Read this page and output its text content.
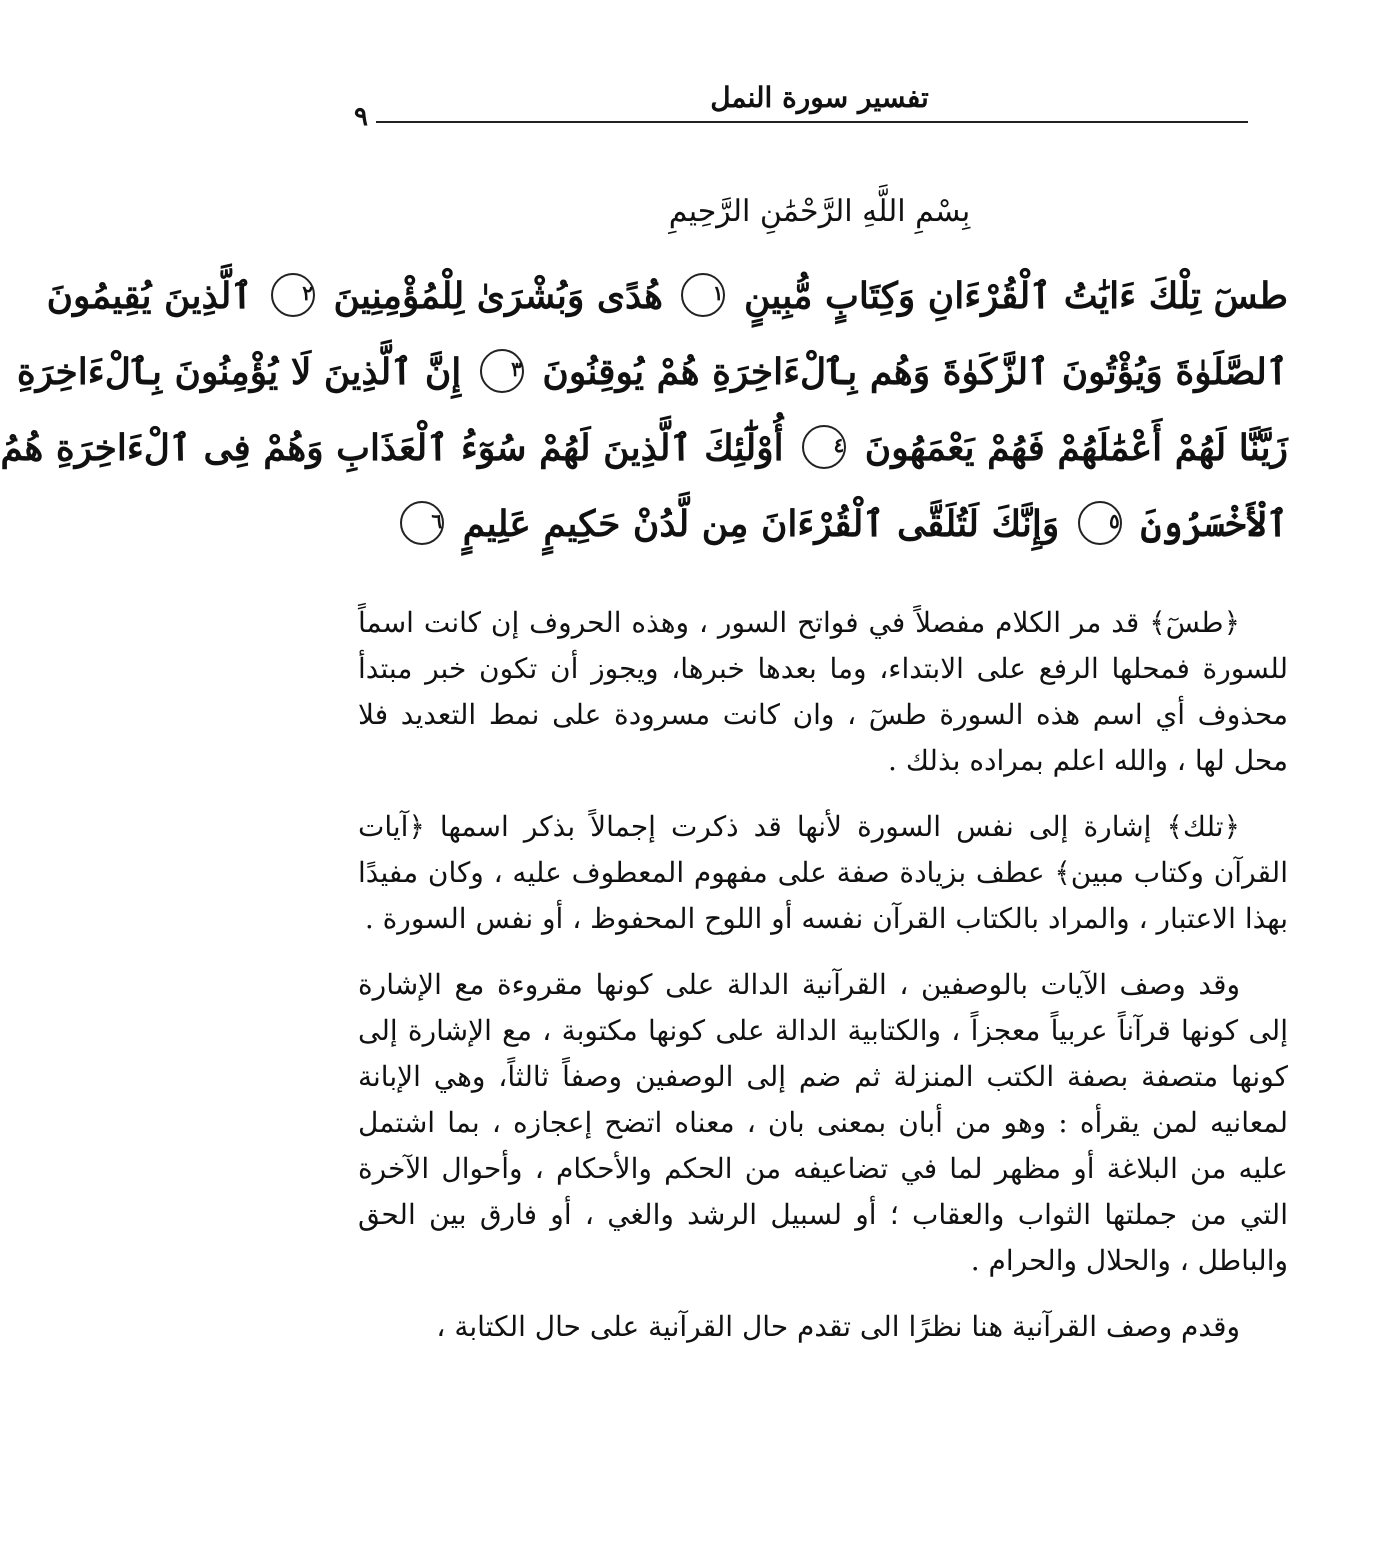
تفسير سورة النمل
٩
بِسْمِ اللَّهِ الرَّحْمَٰنِ الرَّحِيمِ
طسٓ تِلْكَ ءَايَٰتُ ٱلْقُرْءَانِ وَكِتَابٍ مُّبِينٍ ١ هُدًى وَبُشْرَىٰ لِلْمُؤْمِنِينَ ٢ ٱلَّذِينَ يُقِيمُونَ
ٱلصَّلَوٰةَ وَيُؤْتُونَ ٱلزَّكَوٰةَ وَهُم بِٱلْءَاخِرَةِ هُمْ يُوقِنُونَ ٣ إِنَّ ٱلَّذِينَ لَا يُؤْمِنُونَ بِٱلْءَاخِرَةِ
زَيَّنَّا لَهُمْ أَعْمَٰلَهُمْ فَهُمْ يَعْمَهُونَ ٤ أُوْلَٰٓئِكَ ٱلَّذِينَ لَهُمْ سُوٓءُ ٱلْعَذَابِ وَهُمْ فِى ٱلْءَاخِرَةِ هُمُ
ٱلْأَخْسَرُونَ ٥ وَإِنَّكَ لَتُلَقَّى ٱلْقُرْءَانَ مِن لَّدُنْ حَكِيمٍ عَلِيمٍ ٦

﴿طسٓ﴾ قد مر الكلام مفصلاً في فواتح السور ، وهذه الحروف إن كانت اسماً للسورة فمحلها الرفع على الابتداء، وما بعدها خبرها، ويجوز أن تكون خبر مبتدأ محذوف أي اسم هذه السورة طسٓ ، وان كانت مسرودة على نمط التعديد فلا محل لها ، والله اعلم بمراده بذلك .

﴿تلك﴾ إشارة إلى نفس السورة لأنها قد ذكرت إجمالاً بذكر اسمها ﴿آيات القرآن وكتاب مبين﴾ عطف بزيادة صفة على مفهوم المعطوف عليه ، وكان مفيدًا بهذا الاعتبار ، والمراد بالكتاب القرآن نفسه أو اللوح المحفوظ ، أو نفس السورة .

وقد وصف الآيات بالوصفين ، القرآنية الدالة على كونها مقروءة مع الإشارة إلى كونها قرآناً عربياً معجزاً ، والكتابية الدالة على كونها مكتوبة ، مع الإشارة إلى كونها متصفة بصفة الكتب المنزلة ثم ضم إلى الوصفين وصفاً ثالثاً، وهي الإبانة لمعانيه لمن يقرأه : وهو من أبان بمعنى بان ، معناه اتضح إعجازه ، بما اشتمل عليه من البلاغة أو مظهر لما في تضاعيفه من الحكم والأحكام ، وأحوال الآخرة التي من جملتها الثواب والعقاب ؛ أو لسبيل الرشد والغي ، أو فارق بين الحق والباطل ، والحلال والحرام .

وقدم وصف القرآنية هنا نظرًا الى تقدم حال القرآنية على حال الكتابة ،
